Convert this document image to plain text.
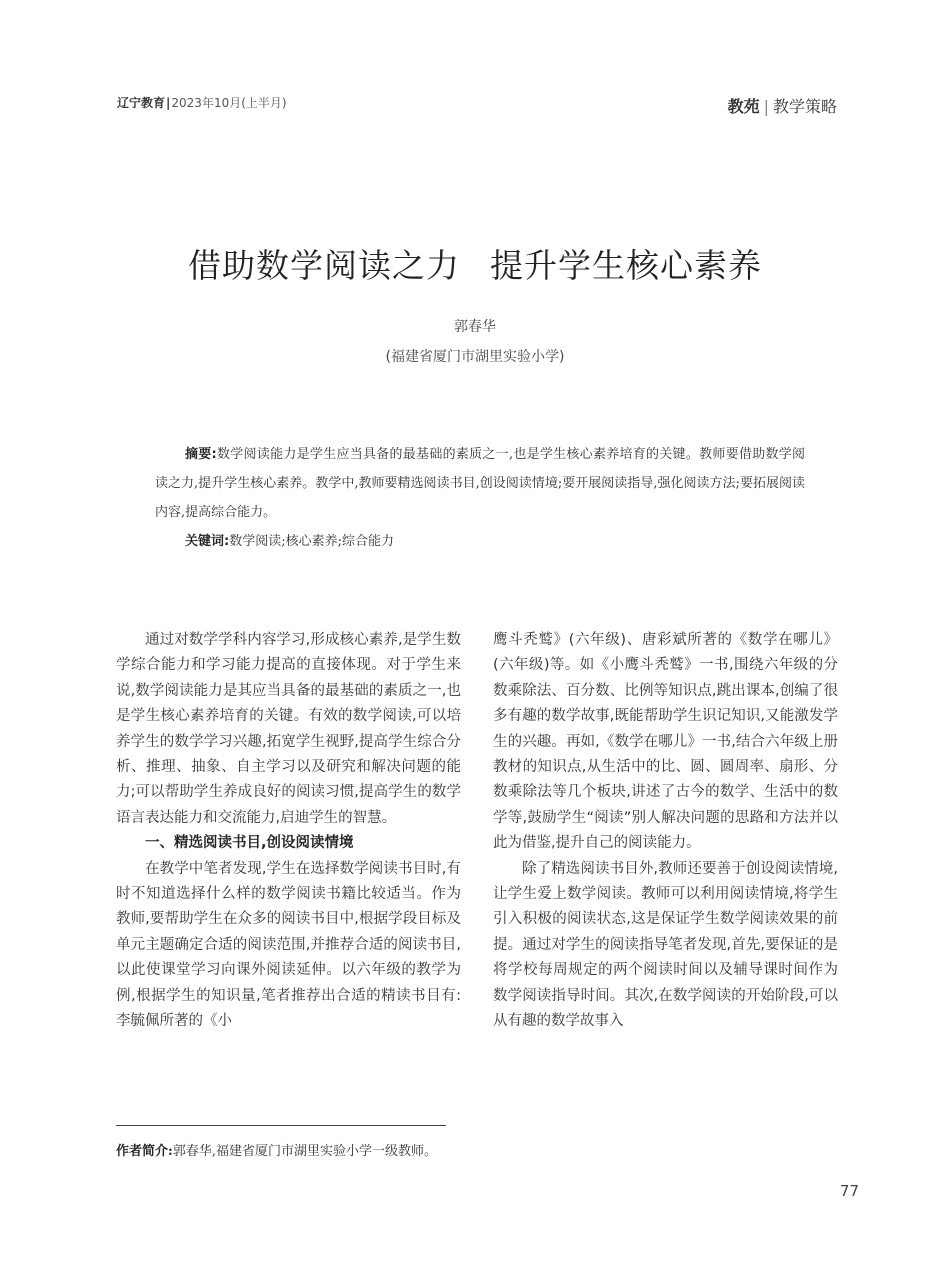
辽宁教育|2023年10月(上半月)	教苑 | 教学策略
借助数学阅读之力 提升学生核心素养
郭春华
(福建省厦门市湖里实验小学)
摘要:数学阅读能力是学生应当具备的最基础的素质之一,也是学生核心素养培育的关键。教师要借助数学阅读之力,提升学生核心素养。教学中,教师要精选阅读书目,创设阅读情境;要开展阅读指导,强化阅读方法;要拓展阅读内容,提高综合能力。
关键词:数学阅读;核心素养;综合能力

通过对数学学科内容学习,形成核心素养,是学生数学综合能力和学习能力提高的直接体现。对于学生来说,数学阅读能力是其应当具备的最基础的素质之一,也是学生核心素养培育的关键。有效的数学阅读,可以培养学生的数学学习兴趣,拓宽学生视野,提高学生综合分析、推理、抽象、自主学习以及研究和解决问题的能力;可以帮助学生养成良好的阅读习惯,提高学生的数学语言表达能力和交流能力,启迪学生的智慧。

一、精选阅读书目,创设阅读情境

在教学中笔者发现,学生在选择数学阅读书目时,有时不知道选择什么样的数学阅读书籍比较适当。作为教师,要帮助学生在众多的阅读书目中,根据学段目标及单元主题确定合适的阅读范围,并推荐合适的阅读书目,以此使课堂学习向课外阅读延伸。以六年级的教学为例,根据学生的知识量,笔者推荐出合适的精读书目有:李毓佩所著的《小

鹰斗秃鹫》(六年级)、唐彩斌所著的《数学在哪儿》(六年级)等。如《小鹰斗秃鹫》一书,围绕六年级的分数乘除法、百分数、比例等知识点,跳出课本,创编了很多有趣的数学故事,既能帮助学生识记知识,又能激发学生的兴趣。再如,《数学在哪儿》一书,结合六年级上册教材的知识点,从生活中的比、圆、圆周率、扇形、分数乘除法等几个板块,讲述了古今的数学、生活中的数学等,鼓励学生“阅读”别人解决问题的思路和方法并以此为借鉴,提升自己的阅读能力。

除了精选阅读书目外,教师还要善于创设阅读情境,让学生爱上数学阅读。教师可以利用阅读情境,将学生引入积极的阅读状态,这是保证学生数学阅读效果的前提。通过对学生的阅读指导笔者发现,首先,要保证的是将学校每周规定的两个阅读时间以及辅导课时间作为数学阅读指导时间。其次,在数学阅读的开始阶段,可以从有趣的数学故事入

作者简介:郭春华,福建省厦门市湖里实验小学一级教师。
77
